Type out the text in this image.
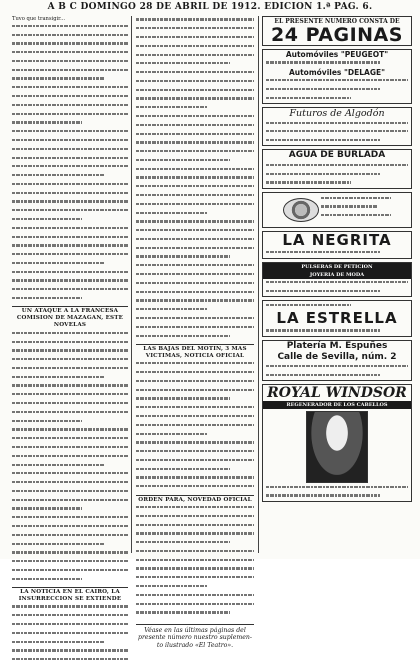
A B C DOMINGO 28 DE ABRIL DE 1912. EDICION 1.ª PAG. 6.
Tuvo que transigir...
UN ATAQUE A LA FRANCESA COMISION DE MAZAGAN, ESTE NOVELAS
LA NOTICIA EN EL CAIRO, LA INSURRECCION SE EXTIENDE
LAS BAJAS DEL MOTIN, 3 MAS VICTIMAS, NOTICIA OFICIAL
ORDEN PARA, NOVEDAD OFICIAL
Véase en las últimas páginas del
presente número nuestro suplemen-
to ilustrado «El Teatro».
EL PRESENTE NUMERO CONSTA DE
24 PAGINAS
Automóviles "PEUGEOT"
Automóviles "DELAGE"
Futuros de Algodón
AGUA DE BURLADA

LA NEGRITA
PULSERAS DE PETICION
JOYERIA DE MODA
LA ESTRELLA
Platería M. Espuñes
Calle de Sevilla, núm. 2
ROYAL WINDSOR
REGENERADOR DE LOS CABELLOS
